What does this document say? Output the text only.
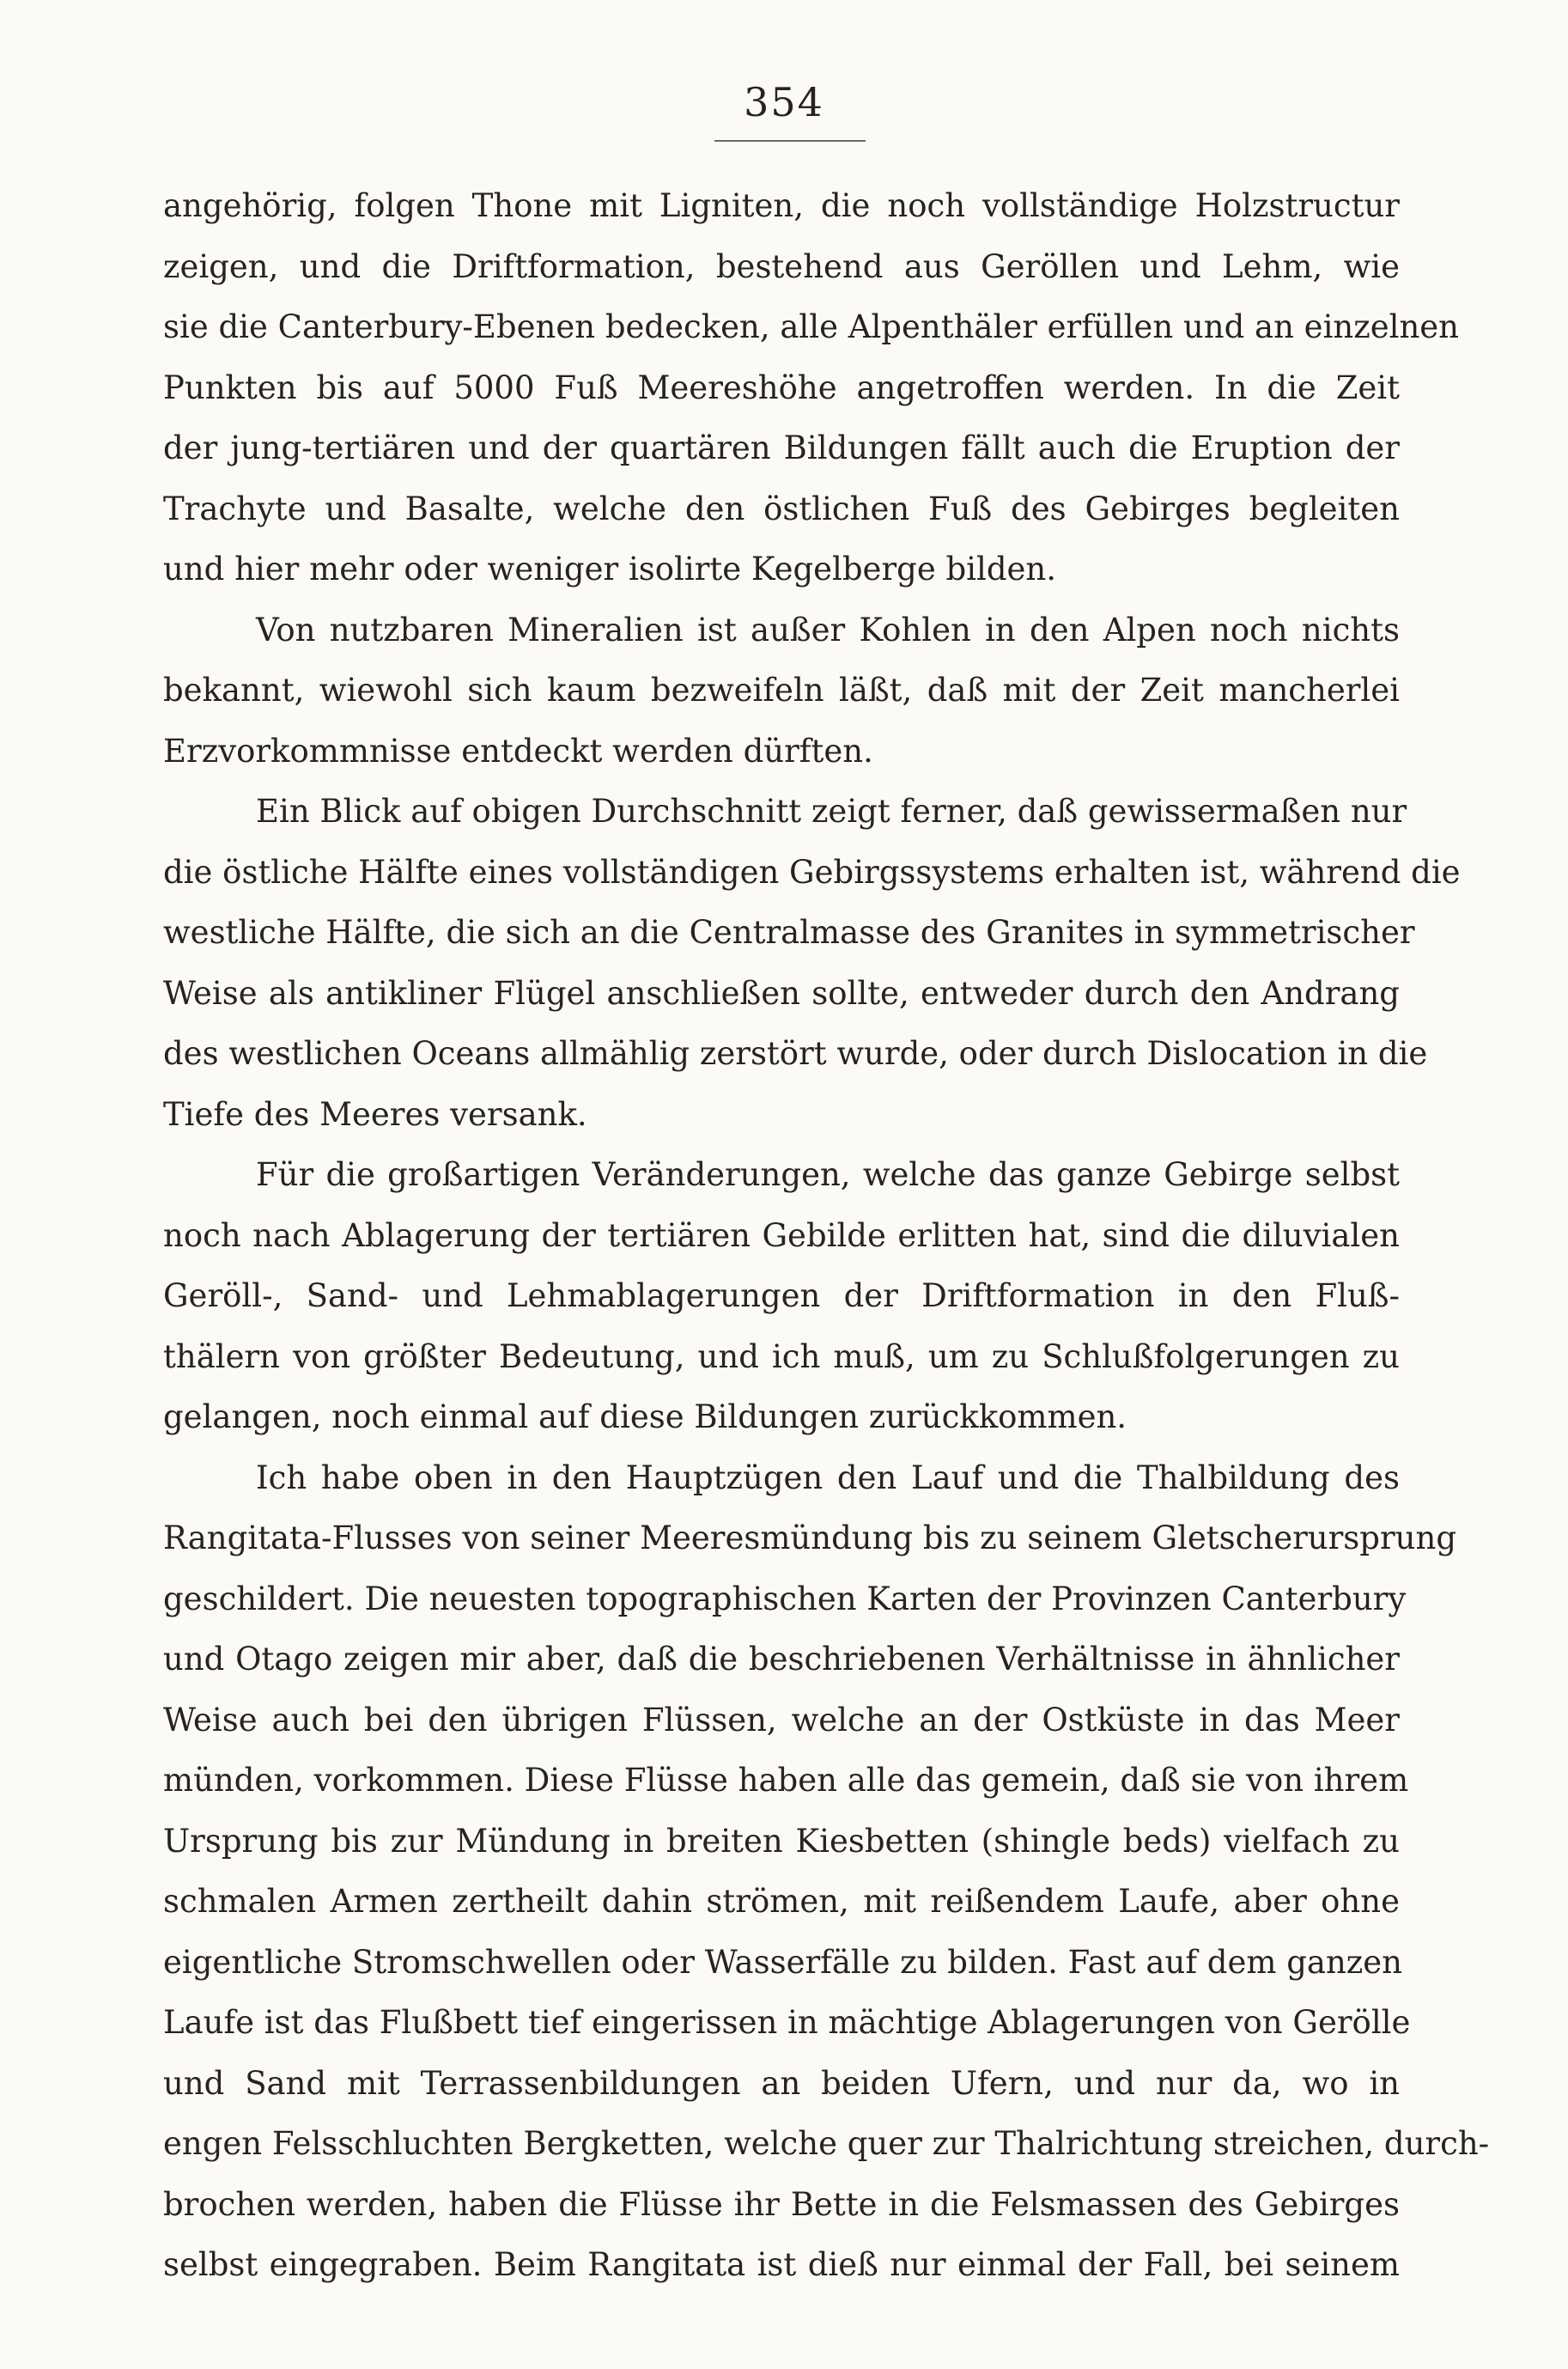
354
angehörig, folgen Thone mit Ligniten, die noch vollständige Holzstructur
zeigen, und die Driftformation, bestehend aus Geröllen und Lehm, wie
sie die Canterbury-Ebenen bedecken, alle Alpenthäler erfüllen und an einzelnen
Punkten bis auf 5000 Fuß Meereshöhe angetroffen werden. In die Zeit
der jung-tertiären und der quartären Bildungen fällt auch die Eruption der
Trachyte und Basalte, welche den östlichen Fuß des Gebirges begleiten
und hier mehr oder weniger isolirte Kegelberge bilden.
Von nutzbaren Mineralien ist außer Kohlen in den Alpen noch nichts
bekannt, wiewohl sich kaum bezweifeln läßt, daß mit der Zeit mancherlei
Erzvorkommnisse entdeckt werden dürften.
Ein Blick auf obigen Durchschnitt zeigt ferner, daß gewissermaßen nur
die östliche Hälfte eines vollständigen Gebirgssystems erhalten ist, während die
westliche Hälfte, die sich an die Centralmasse des Granites in symmetrischer
Weise als antikliner Flügel anschließen sollte, entweder durch den Andrang
des westlichen Oceans allmählig zerstört wurde, oder durch Dislocation in die
Tiefe des Meeres versank.
Für die großartigen Veränderungen, welche das ganze Gebirge selbst
noch nach Ablagerung der tertiären Gebilde erlitten hat, sind die diluvialen
Geröll-, Sand- und Lehmablagerungen der Driftformation in den Fluß-
thälern von größter Bedeutung, und ich muß, um zu Schlußfolgerungen zu
gelangen, noch einmal auf diese Bildungen zurückkommen.
Ich habe oben in den Hauptzügen den Lauf und die Thalbildung des
Rangitata-Flusses von seiner Meeresmündung bis zu seinem Gletscherursprung
geschildert. Die neuesten topographischen Karten der Provinzen Canterbury
und Otago zeigen mir aber, daß die beschriebenen Verhältnisse in ähnlicher
Weise auch bei den übrigen Flüssen, welche an der Ostküste in das Meer
münden, vorkommen. Diese Flüsse haben alle das gemein, daß sie von ihrem
Ursprung bis zur Mündung in breiten Kiesbetten (shingle beds) vielfach zu
schmalen Armen zertheilt dahin strömen, mit reißendem Laufe, aber ohne
eigentliche Stromschwellen oder Wasserfälle zu bilden. Fast auf dem ganzen
Laufe ist das Flußbett tief eingerissen in mächtige Ablagerungen von Gerölle
und Sand mit Terrassenbildungen an beiden Ufern, und nur da, wo in
engen Felsschluchten Bergketten, welche quer zur Thalrichtung streichen, durch-
brochen werden, haben die Flüsse ihr Bette in die Felsmassen des Gebirges
selbst eingegraben. Beim Rangitata ist dieß nur einmal der Fall, bei seinem
